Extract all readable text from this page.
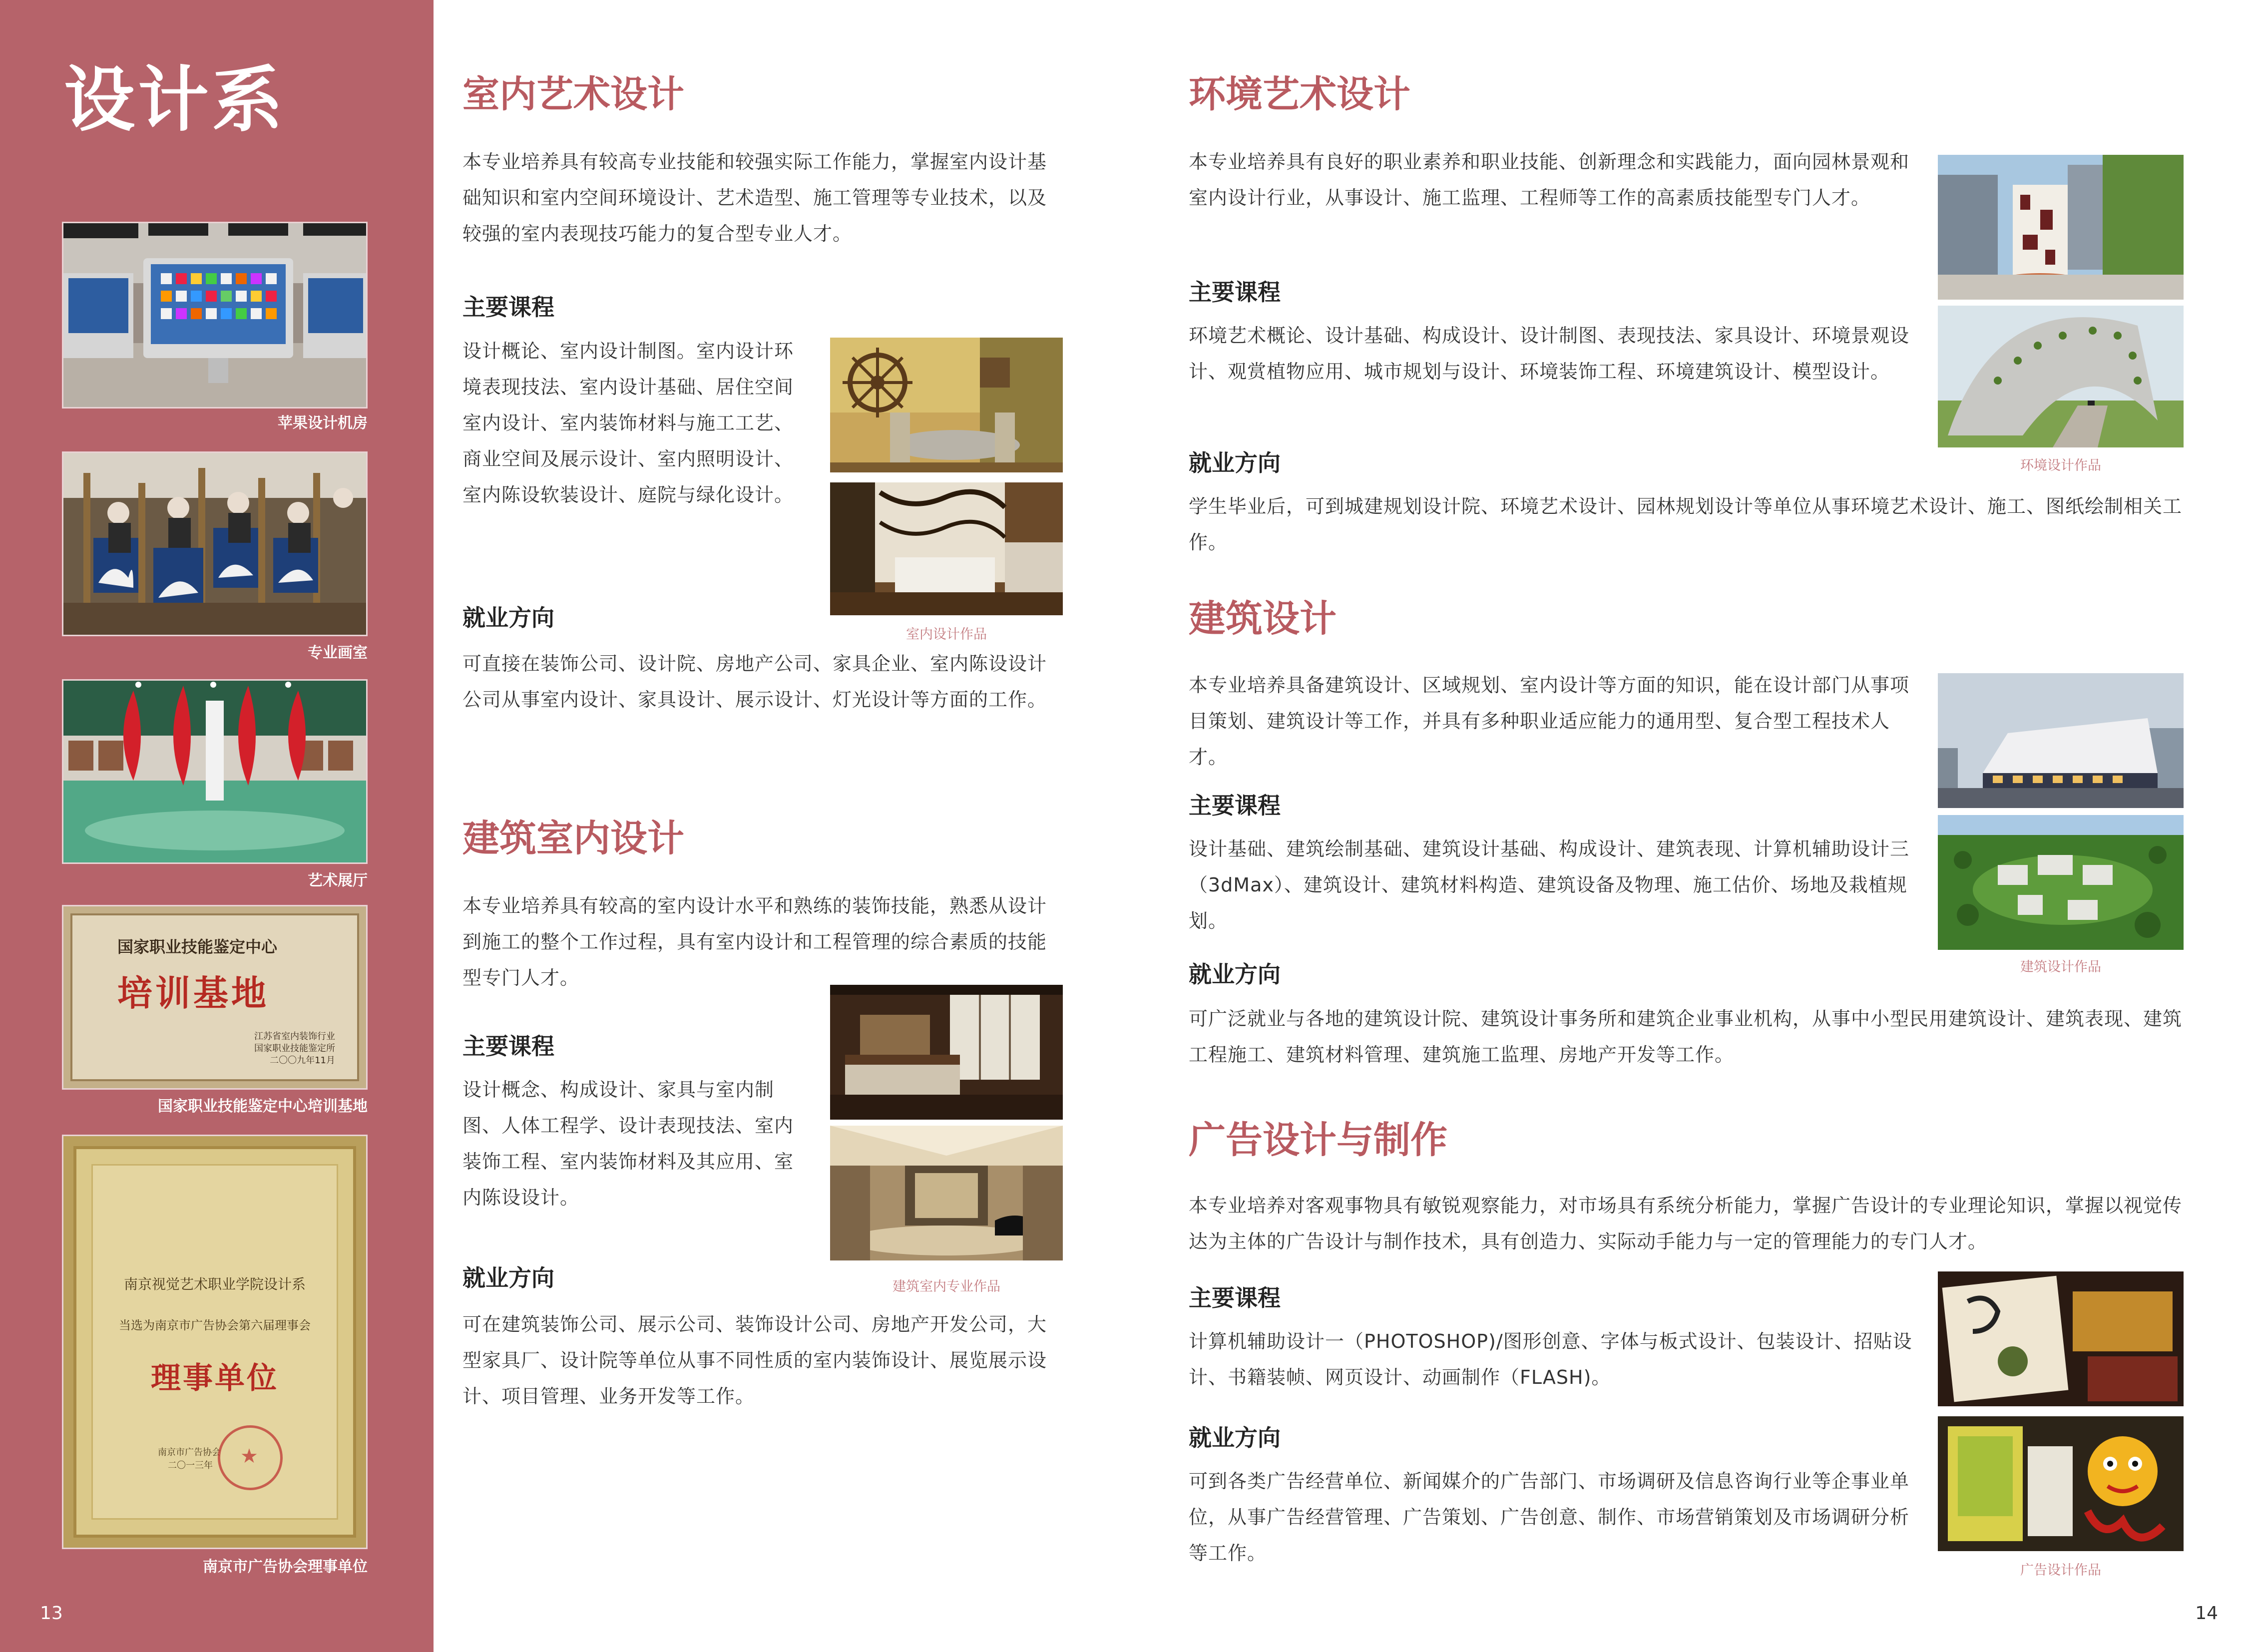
设计系
苹果设计机房
专业画室
艺术展厅
国家职业技能鉴定中心
培训基地
江苏省室内装饰行业
国家职业技能鉴定所
二〇〇九年11月
国家职业技能鉴定中心培训基地
南京视觉艺术职业学院设计系
当选为南京市广告协会第六届理事会
理事单位
南京市广告协会
二〇一三年 ★
南京市广告协会理事单位
13
室内艺术设计
本专业培养具有较高专业技能和较强实际工作能力，掌握室内设计基础知识和室内空间环境设计、艺术造型、施工管理等专业技术，以及较强的室内表现技巧能力的复合型专业人才。
主要课程
设计概论、室内设计制图。室内设计环境表现技法、室内设计基础、居住空间室内设计、室内装饰材料与施工工艺、商业空间及展示设计、室内照明设计、室内陈设软装设计、庭院与绿化设计。
室内设计作品
就业方向
可直接在装饰公司、设计院、房地产公司、家具企业、室内陈设设计公司从事室内设计、家具设计、展示设计、灯光设计等方面的工作。
建筑室内设计
本专业培养具有较高的室内设计水平和熟练的装饰技能，熟悉从设计到施工的整个工作过程，具有室内设计和工程管理的综合素质的技能型专门人才。
主要课程
设计概念、构成设计、家具与室内制图、人体工程学、设计表现技法、室内装饰工程、室内装饰材料及其应用、室内陈设设计。
建筑室内专业作品
就业方向
可在建筑装饰公司、展示公司、装饰设计公司、房地产开发公司，大型家具厂、设计院等单位从事不同性质的室内装饰设计、展览展示设计、项目管理、业务开发等工作。
环境艺术设计
本专业培养具有良好的职业素养和职业技能、创新理念和实践能力，面向园林景观和室内设计行业，从事设计、施工监理、工程师等工作的高素质技能型专门人才。
环境设计作品
主要课程
环境艺术概论、设计基础、构成设计、设计制图、表现技法、家具设计、环境景观设计、观赏植物应用、城市规划与设计、环境装饰工程、环境建筑设计、模型设计。
就业方向
学生毕业后，可到城建规划设计院、环境艺术设计、园林规划设计等单位从事环境艺术设计、施工、图纸绘制相关工作。
建筑设计
本专业培养具备建筑设计、区域规划、室内设计等方面的知识，能在设计部门从事项目策划、建筑设计等工作，并具有多种职业适应能力的通用型、复合型工程技术人才。
建筑设计作品
主要课程
设计基础、建筑绘制基础、建筑设计基础、构成设计、建筑表现、计算机辅助设计三（3dMax）、建筑设计、建筑材料构造、建筑设备及物理、施工估价、场地及栽植规划。
就业方向
可广泛就业与各地的建筑设计院、建筑设计事务所和建筑企业事业机构，从事中小型民用建筑设计、建筑表现、建筑工程施工、建筑材料管理、建筑施工监理、房地产开发等工作。
广告设计与制作
本专业培养对客观事物具有敏锐观察能力，对市场具有系统分析能力，掌握广告设计的专业理论知识，掌握以视觉传达为主体的广告设计与制作技术，具有创造力、实际动手能力与一定的管理能力的专门人才。
广告设计作品
主要课程
计算机辅助设计一（PHOTOSHOP)/图形创意、字体与板式设计、包装设计、招贴设计、书籍装帧、网页设计、动画制作（FLASH)。
就业方向
可到各类广告经营单位、新闻媒介的广告部门、市场调研及信息咨询行业等企事业单位，从事广告经营管理、广告策划、广告创意、制作、市场营销策划及市场调研分析等工作。
14
